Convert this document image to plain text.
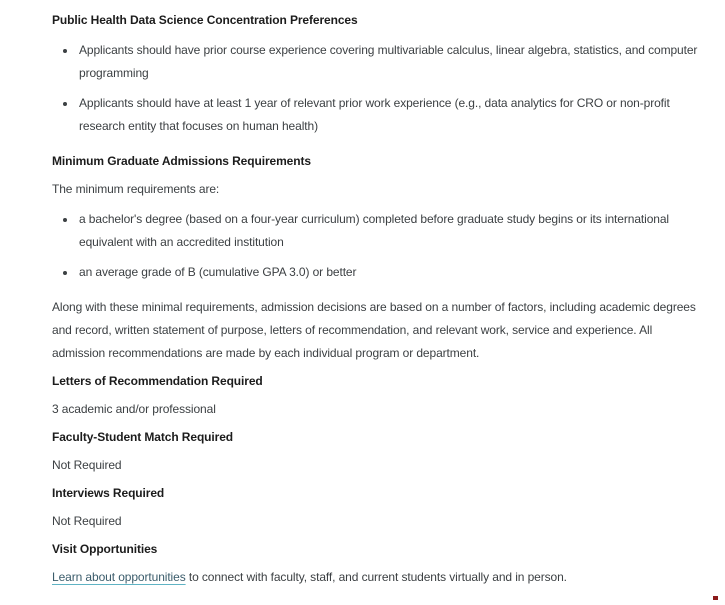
Public Health Data Science Concentration Preferences
• Applicants should have prior course experience covering multivariable calculus, linear algebra, statistics, and computer programming
• Applicants should have at least 1 year of relevant prior work experience (e.g., data analytics for CRO or non-profit research entity that focuses on human health)
Minimum Graduate Admissions Requirements

The minimum requirements are:

• a bachelor's degree (based on a four-year curriculum) completed before graduate study begins or its international equivalent with an accredited institution
• an average grade of B (cumulative GPA 3.0) or better

Along with these minimal requirements, admission decisions are based on a number of factors, including academic degrees and record, written statement of purpose, letters of recommendation, and relevant work, service and experience. All admission recommendations are made by each individual program or department.

Letters of Recommendation Required

3 academic and/or professional

Faculty-Student Match Required

Not Required

Interviews Required

Not Required

Visit Opportunities

Learn about opportunities to connect with faculty, staff, and current students virtually and in person.
